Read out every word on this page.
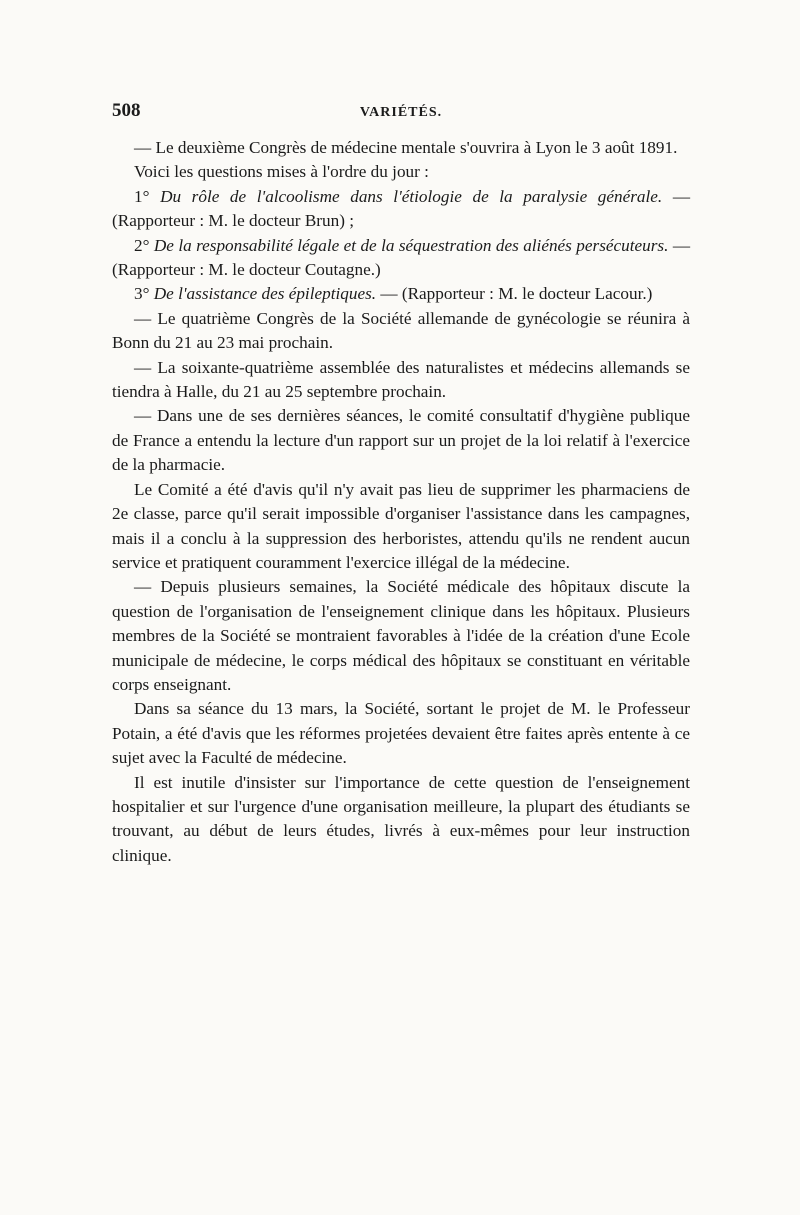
508	VARIÉTÉS.

— Le deuxième Congrès de médecine mentale s'ouvrira à Lyon le 3 août 1891.

Voici les questions mises à l'ordre du jour :

1° Du rôle de l'alcoolisme dans l'étiologie de la paralysie générale. — (Rapporteur : M. le docteur Brun) ;

2° De la responsabilité légale et de la séquestration des aliénés persécuteurs. — (Rapporteur : M. le docteur Coutagne.)

3° De l'assistance des épileptiques. — (Rapporteur : M. le docteur Lacour.)

— Le quatrième Congrès de la Société allemande de gynécologie se réunira à Bonn du 21 au 23 mai prochain.

— La soixante-quatrième assemblée des naturalistes et médecins allemands se tiendra à Halle, du 21 au 25 septembre prochain.

— Dans une de ses dernières séances, le comité consultatif d'hygiène publique de France a entendu la lecture d'un rapport sur un projet de la loi relatif à l'exercice de la pharmacie.

Le Comité a été d'avis qu'il n'y avait pas lieu de supprimer les pharmaciens de 2e classe, parce qu'il serait impossible d'organiser l'assistance dans les campagnes, mais il a conclu à la suppression des herboristes, attendu qu'ils ne rendent aucun service et pratiquent couramment l'exercice illégal de la médecine.

— Depuis plusieurs semaines, la Société médicale des hôpitaux discute la question de l'organisation de l'enseignement clinique dans les hôpitaux. Plusieurs membres de la Société se montraient favorables à l'idée de la création d'une Ecole municipale de médecine, le corps médical des hôpitaux se constituant en véritable corps enseignant.

Dans sa séance du 13 mars, la Société, sortant le projet de M. le Professeur Potain, a été d'avis que les réformes projetées devaient être faites après entente à ce sujet avec la Faculté de médecine.

Il est inutile d'insister sur l'importance de cette question de l'enseignement hospitalier et sur l'urgence d'une organisation meilleure, la plupart des étudiants se trouvant, au début de leurs études, livrés à eux-mêmes pour leur instruction clinique.
